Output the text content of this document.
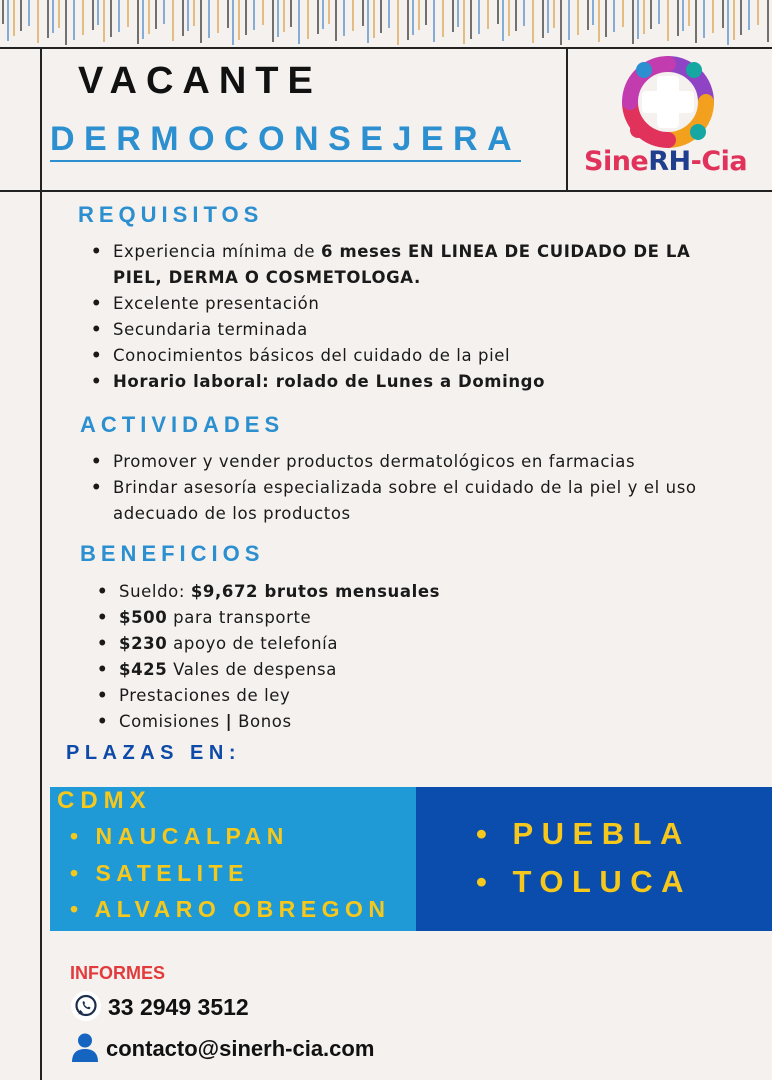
VACANTE
DERMOCONSEJERA
SineRH-Cia
REQUISITOS
• Experiencia mínima de 6 meses EN LINEA DE CUIDADO DE LA PIEL, DERMA O COSMETOLOGA.
• Excelente presentación
• Secundaria terminada
• Conocimientos básicos del cuidado de la piel
• Horario laboral: rolado de Lunes a Domingo
ACTIVIDADES
• Promover y vender productos dermatológicos en farmacias
• Brindar asesoría especializada sobre el cuidado de la piel y el uso adecuado de los productos
BENEFICIOS
• Sueldo: $9,672 brutos mensuales
• $500 para transporte
• $230 apoyo de telefonía
• $425 Vales de despensa
• Prestaciones de ley
• Comisiones | Bonos
PLAZAS EN:
CDMX
• NAUCALPAN
• SATELITE
• ALVARO OBREGON
• PUEBLA
• TOLUCA
INFORMES
33 2949 3512
contacto@sinerh-cia.com
